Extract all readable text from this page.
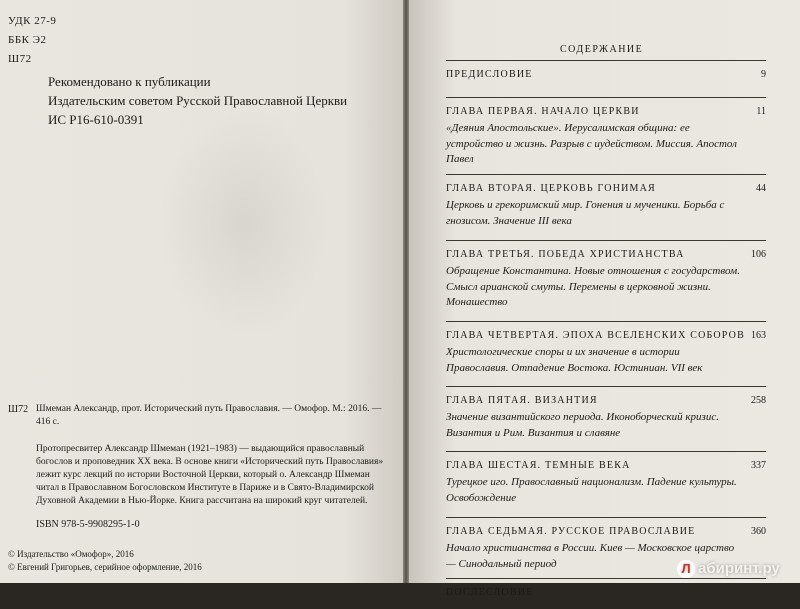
УДК 27-9
ББК Э2
Ш72
Рекомендовано к публикации
Издательским советом Русской Православной Церкви
ИС Р16-610-0391
Ш72 Шмеман Александр, прот. Исторический путь Православия. — Омофор. М.: 2016. — 416 с.
Протопресвитер Александр Шмеман (1921–1983) — выдающийся православный богослов и проповедник XX века. В основе книги «Исторический путь Православия» лежит курс лекций по истории Восточной Церкви, который о. Александр Шмеман читал в Православном Богословском Институте в Париже и в Свято-Владимирской Духовной Академии в Нью-Йорке. Книга рассчитана на широкий круг читателей.
ISBN 978-5-9908295-1-0
© Издательство «Омофор», 2016
© Евгений Григорьев, серийное оформление, 2016
СОДЕРЖАНИЕ
ПРЕДИСЛОВИЕ	9
ГЛАВА ПЕРВАЯ. НАЧАЛО ЦЕРКВИ	11
«Деяния Апостольские». Иерусалимская община: ее устройство и жизнь. Разрыв с иудейством. Миссия. Апостол Павел
ГЛАВА ВТОРАЯ. ЦЕРКОВЬ ГОНИМАЯ	44
Церковь и грекоримский мир. Гонения и мученики. Борьба с гнозисом. Значение III века
ГЛАВА ТРЕТЬЯ. ПОБЕДА ХРИСТИАНСТВА	106
Обращение Константина. Новые отношения с государством. Смысл арианской смуты. Перемены в церковной жизни. Монашество
ГЛАВА ЧЕТВЕРТАЯ. ЭПОХА ВСЕЛЕНСКИХ СОБОРОВ 163
Христологические споры и их значение в истории Православия. Отпадение Востока. Юстиниан. VII век
ГЛАВА ПЯТАЯ. ВИЗАНТИЯ	258
Значение византийского периода. Иконоборческий кризис. Византия и Рим. Византия и славяне
ГЛАВА ШЕСТАЯ. ТЕМНЫЕ ВЕКА	337
Турецкое иго. Православный национализм. Падение культуры. Освобождение
ГЛАВА СЕДЬМАЯ. РУССКОЕ ПРАВОСЛАВИЕ	360
Начало христианства в России. Киев — Московское царство — Синодальный период
ПОСЛЕСЛОВИЕ
Л абиринт.ру
